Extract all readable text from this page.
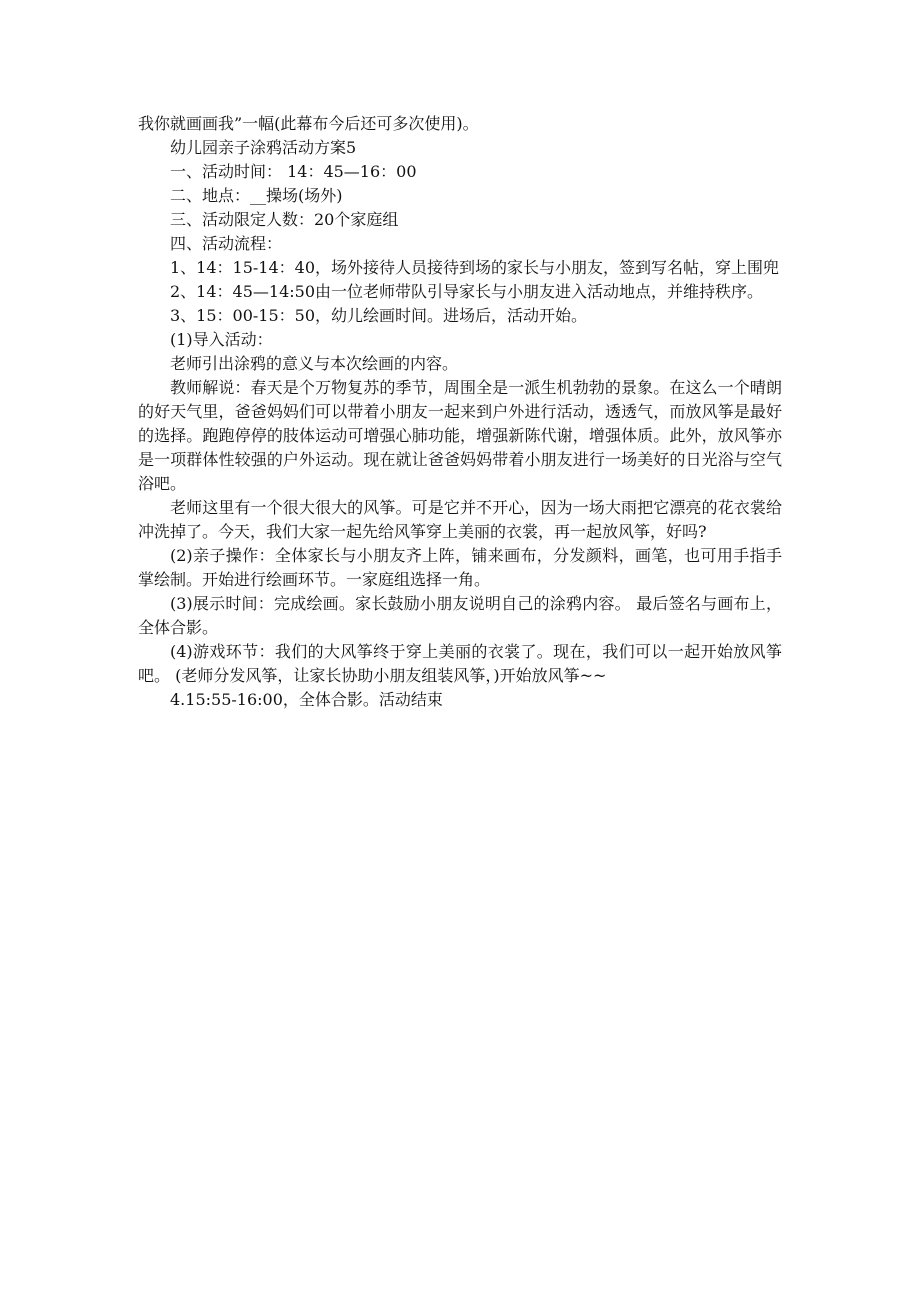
我你就画画我”一幅(此幕布今后还可多次使用)。

幼儿园亲子涂鸦活动方案5

一、活动时间： 14：45—16：00

二、地点：__操场(场外)

三、活动限定人数：20个家庭组

四、活动流程：

1、14：15-14：40，场外接待人员接待到场的家长与小朋友，签到写名帖，穿上围兜

2、14：45—14:50由一位老师带队引导家长与小朋友进入活动地点，并维持秩序。

3、15：00-15：50，幼儿绘画时间。进场后，活动开始。

(1)导入活动：

老师引出涂鸦的意义与本次绘画的内容。

教师解说：春天是个万物复苏的季节，周围全是一派生机勃勃的景象。在这么一个晴朗的好天气里，爸爸妈妈们可以带着小朋友一起来到户外进行活动，透透气，而放风筝是最好的选择。跑跑停停的肢体运动可增强心肺功能，增强新陈代谢，增强体质。此外，放风筝亦是一项群体性较强的户外运动。现在就让爸爸妈妈带着小朋友进行一场美好的日光浴与空气浴吧。

老师这里有一个很大很大的风筝。可是它并不开心，因为一场大雨把它漂亮的花衣裳给冲洗掉了。今天，我们大家一起先给风筝穿上美丽的衣裳，再一起放风筝，好吗?

(2)亲子操作：全体家长与小朋友齐上阵，铺来画布，分发颜料，画笔，也可用手指手掌绘制。开始进行绘画环节。一家庭组选择一角。

(3)展示时间：完成绘画。家长鼓励小朋友说明自己的涂鸦内容。 最后签名与画布上，全体合影。

(4)游戏环节：我们的大风筝终于穿上美丽的衣裳了。现在，我们可以一起开始放风筝吧。 (老师分发风筝，让家长协助小朋友组装风筝，)开始放风筝~~

4.15:55-16:00，全体合影。活动结束
